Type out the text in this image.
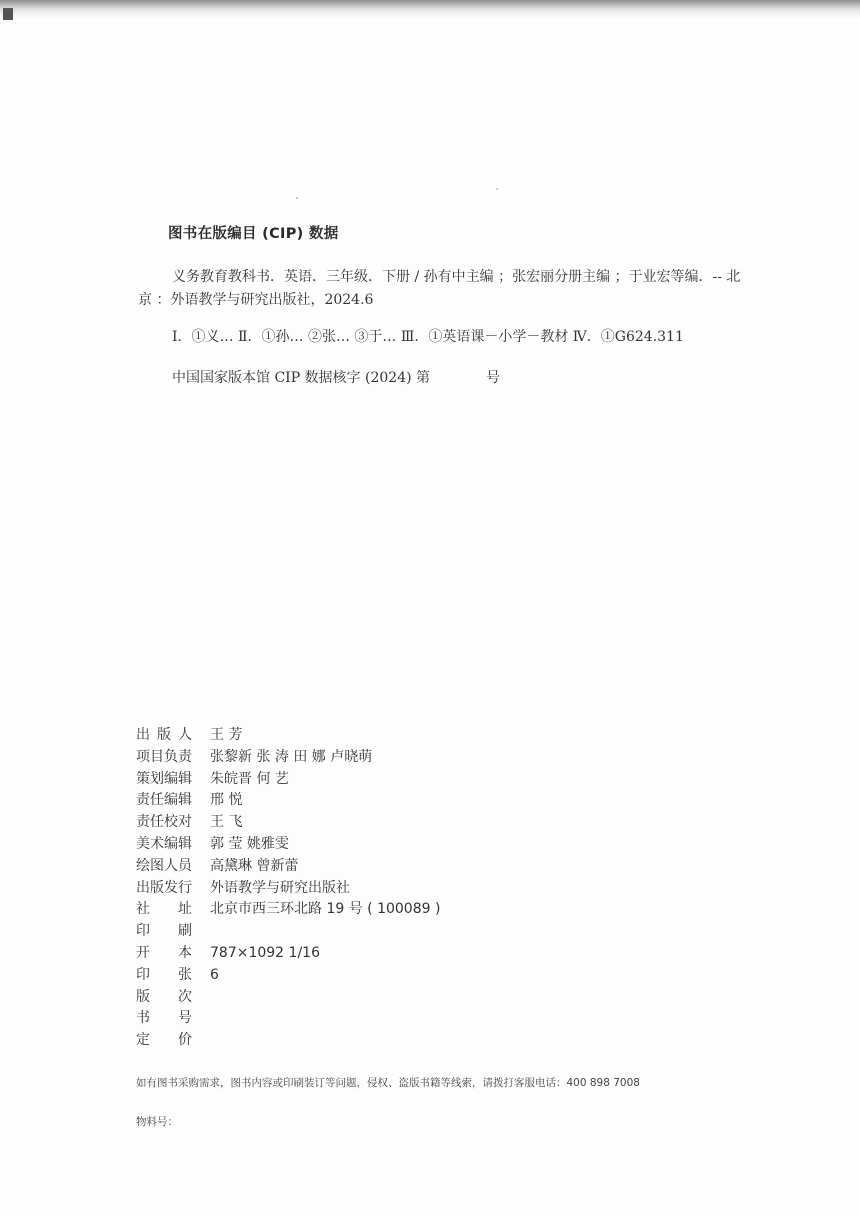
图书在版编目 (CIP) 数据
义务教育教科书．英语．三年级．下册 / 孙有中主编 ；张宏丽分册主编 ；于业宏等编．-- 北京 ：外语教学与研究出版社，2024.6
Ⅰ．①义… Ⅱ．①孙… ②张… ③于… Ⅲ．①英语课－小学－教材 Ⅳ．①G624.311
中国国家版本馆 CIP 数据核字 (2024) 第	号
出 版 人 王 芳
项 目 负 责 张黎新 张 涛 田 娜 卢晓萌
策 划 编 辑 朱皖晋 何 艺
责 任 编 辑 邢 悦
责 任 校 对 王 飞
美 术 编 辑 郭 莹 姚雅雯
绘 图 人 员 高黛琳 曾新蕾
出 版 发 行 外语教学与研究出版社
社 址 北京市西三环北路 19 号 ( 100089 )
印 刷
开 本 787×1092 1/16
印 张 6
版 次
书 号
定 价
如有图书采购需求，图书内容或印刷装订等问题，侵权、盗版书籍等线索，请拨打客服电话：400 898 7008
物料号：
